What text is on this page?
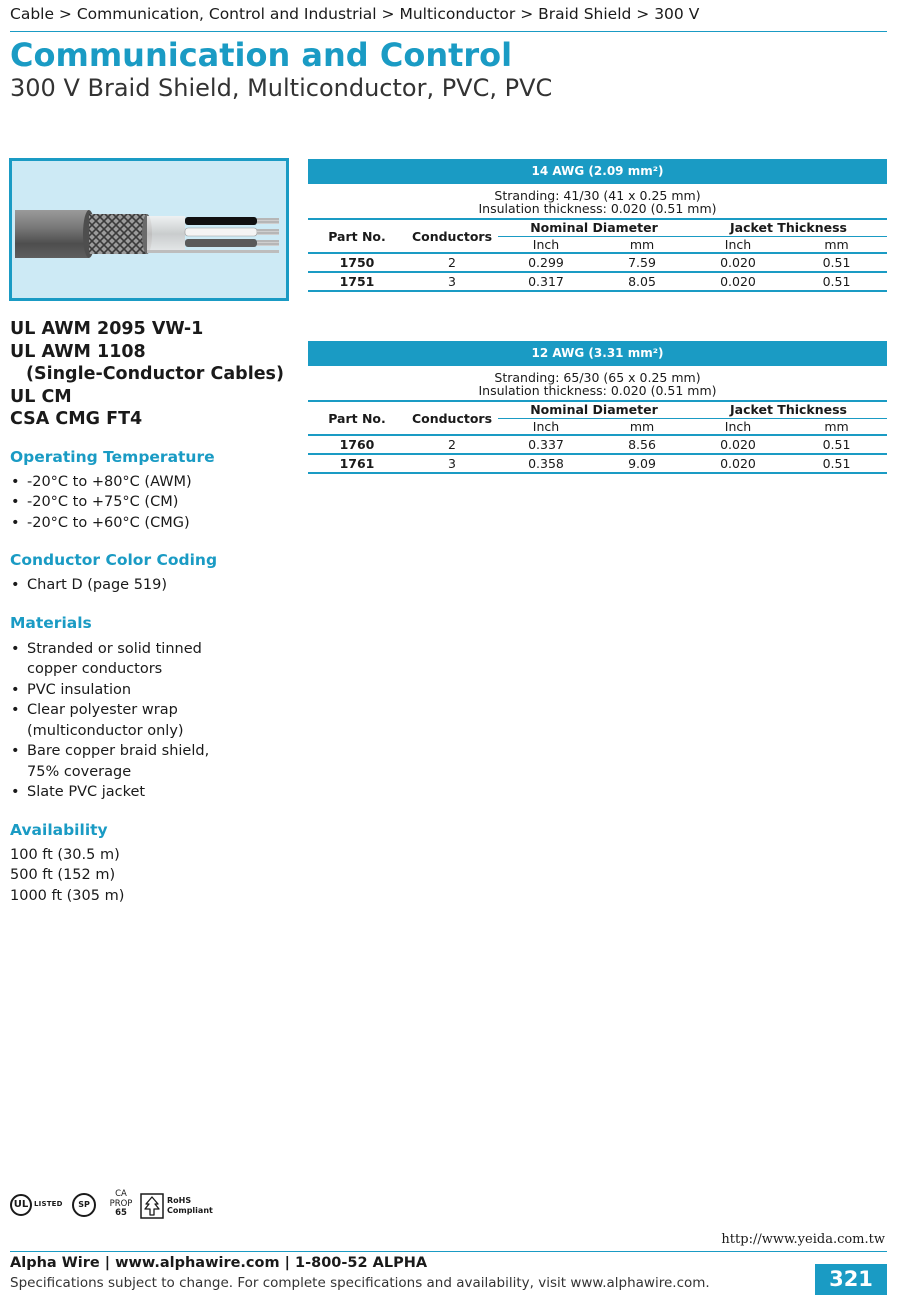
Cable > Communication, Control and Industrial > Multiconductor > Braid Shield > 300 V
Communication and Control
300 V Braid Shield, Multiconductor, PVC, PVC
UL AWM 2095 VW-1
UL AWM 1108
(Single-Conductor Cables)
UL CM
CSA CMG FT4
Operating Temperature
• -20°C to +80°C (AWM)
• -20°C to +75°C (CM)
• -20°C to +60°C (CMG)
Conductor Color Coding
• Chart D (page 519)
Materials
• Stranded or solid tinned
copper conductors
• PVC insulation
• Clear polyester wrap
(multiconductor only)
• Bare copper braid shield,
75% coverage
• Slate PVC jacket
Availability
100 ft (30.5 m)
500 ft (152 m)
1000 ft (305 m)
14 AWG (2.09 mm²)
Stranding: 41/30 (41 x 0.25 mm)
Insulation thickness: 0.020 (0.51 mm)
Part No.	Conductors	Nominal Diameter		Jacket Thickness	
		Inch	mm	Inch	mm
1750	2	0.299	7.59	0.020	0.51
1751	3	0.317	8.05	0.020	0.51
12 AWG (3.31 mm²)
Stranding: 65/30 (65 x 0.25 mm)
Insulation thickness: 0.020 (0.51 mm)
Part No.	Conductors	Nominal Diameter		Jacket Thickness	
		Inch	mm	Inch	mm
1760	2	0.337	8.56	0.020	0.51
1761	3	0.358	9.09	0.020	0.51
UL LISTED	SP
CA
PROP
65
RoHS
Compliant
http://www.yeida.com.tw
Alpha Wire | www.alphawire.com | 1-800-52 ALPHA
Specifications subject to change. For complete specifications and availability, visit www.alphawire.com.	321
